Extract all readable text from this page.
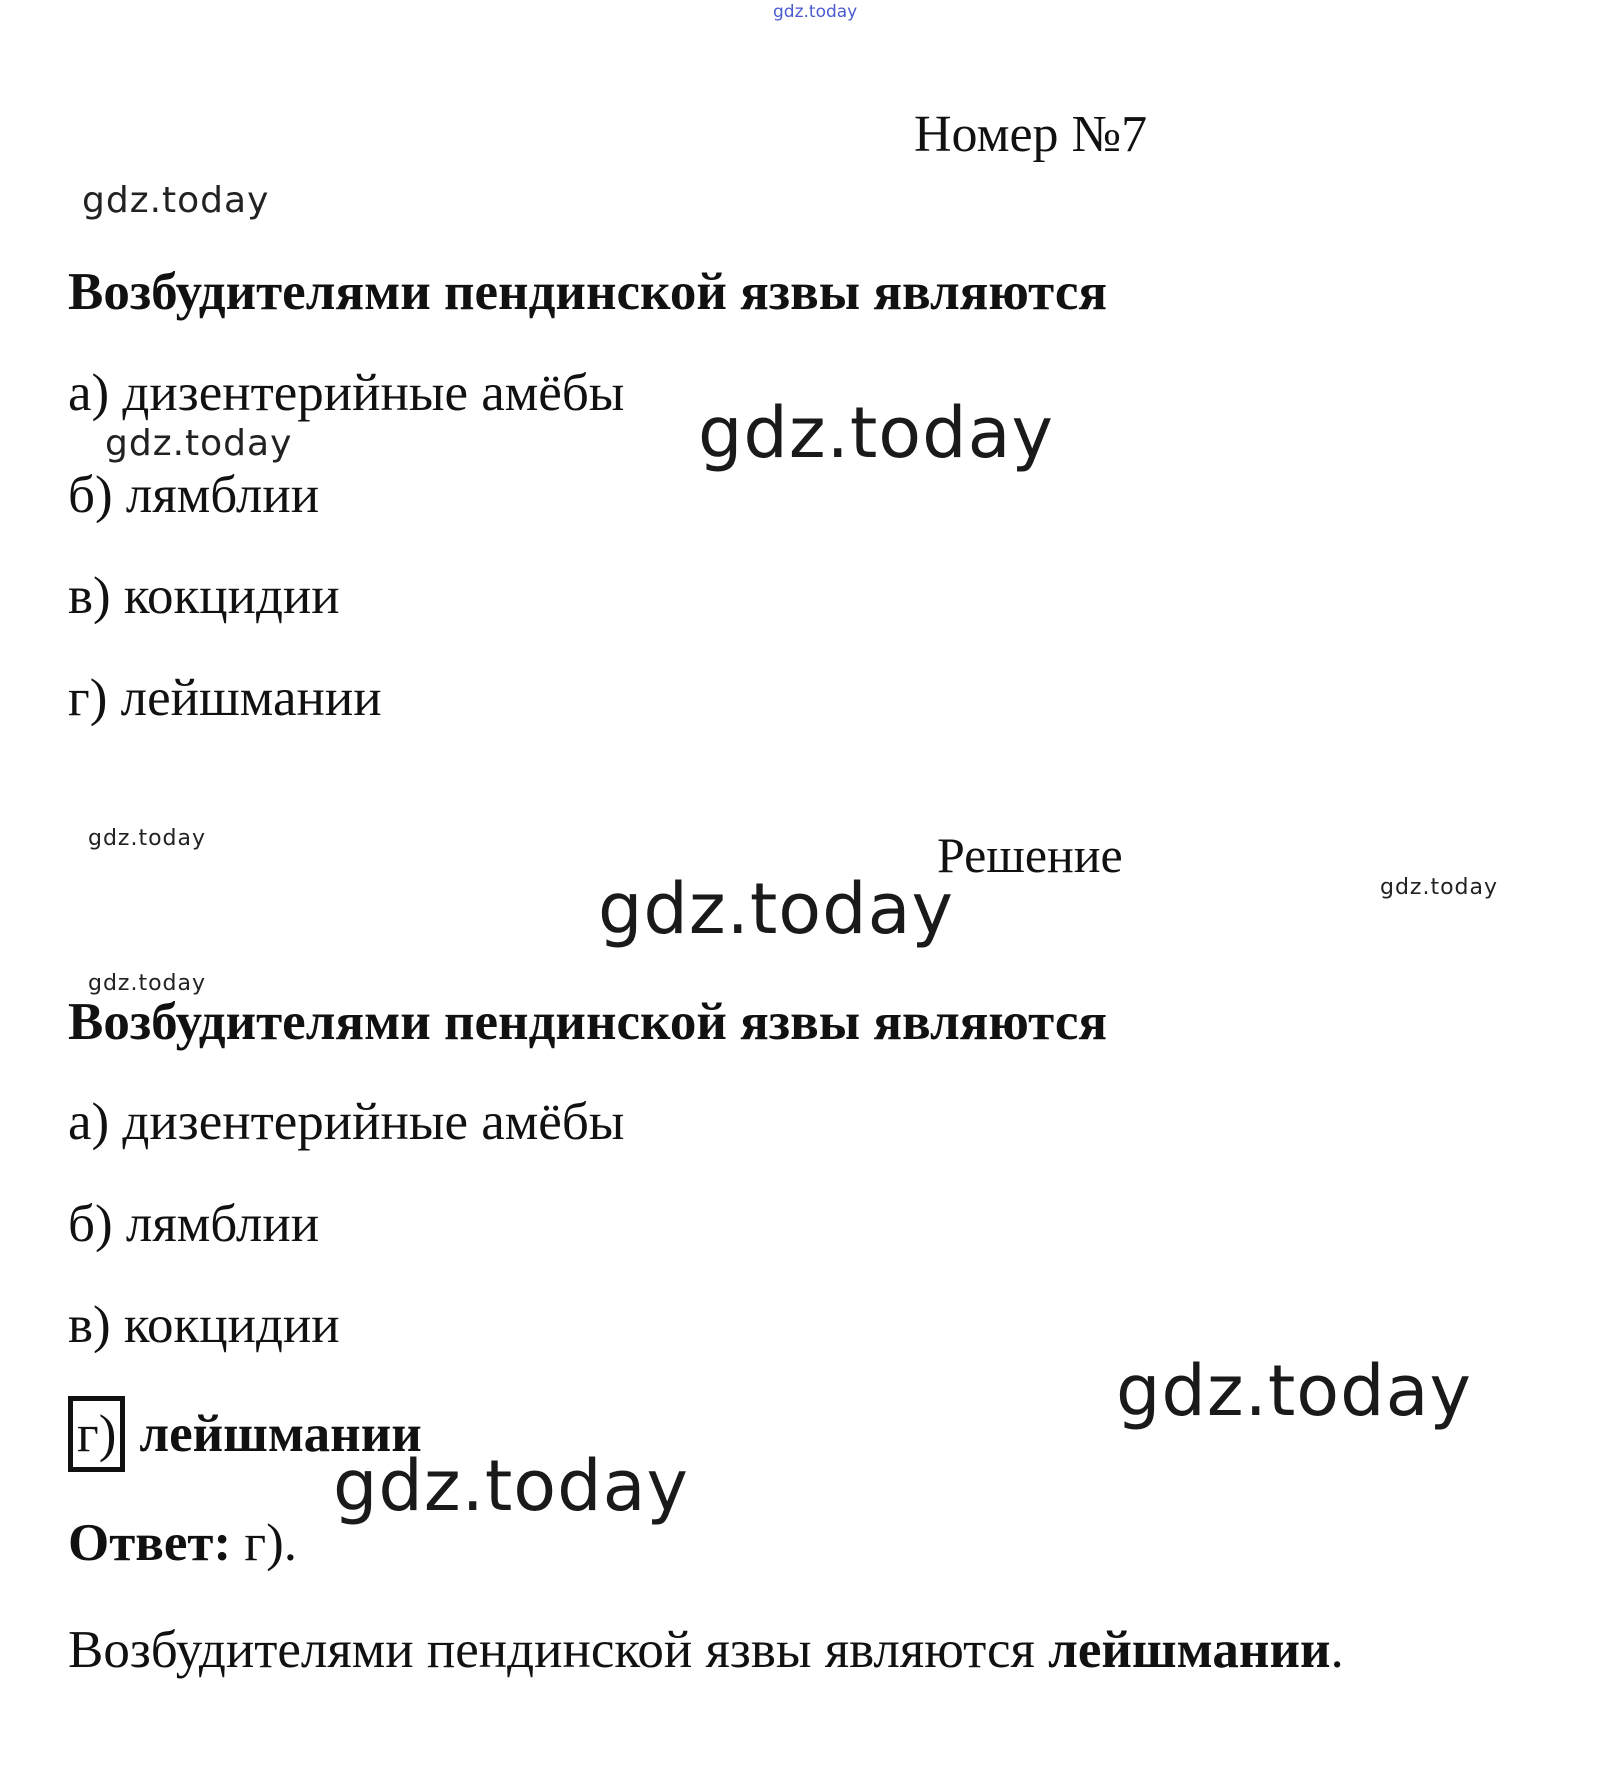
gdz.today
gdz.today
gdz.today	gdz.today
gdz.today
gdz.today
gdz.today
gdz.today
gdz.today
gdz.today
Номер №7
Возбудителями пендинской язвы являются
а) дизентерийные амёбы
б) лямблии
в) кокцидии
г) лейшмании
Решение
Возбудителями пендинской язвы являются
а) дизентерийные амёбы
б) лямблии
в) кокцидии
г) лейшмании
Ответ: г).
Возбудителями пендинской язвы являются лейшмании.
